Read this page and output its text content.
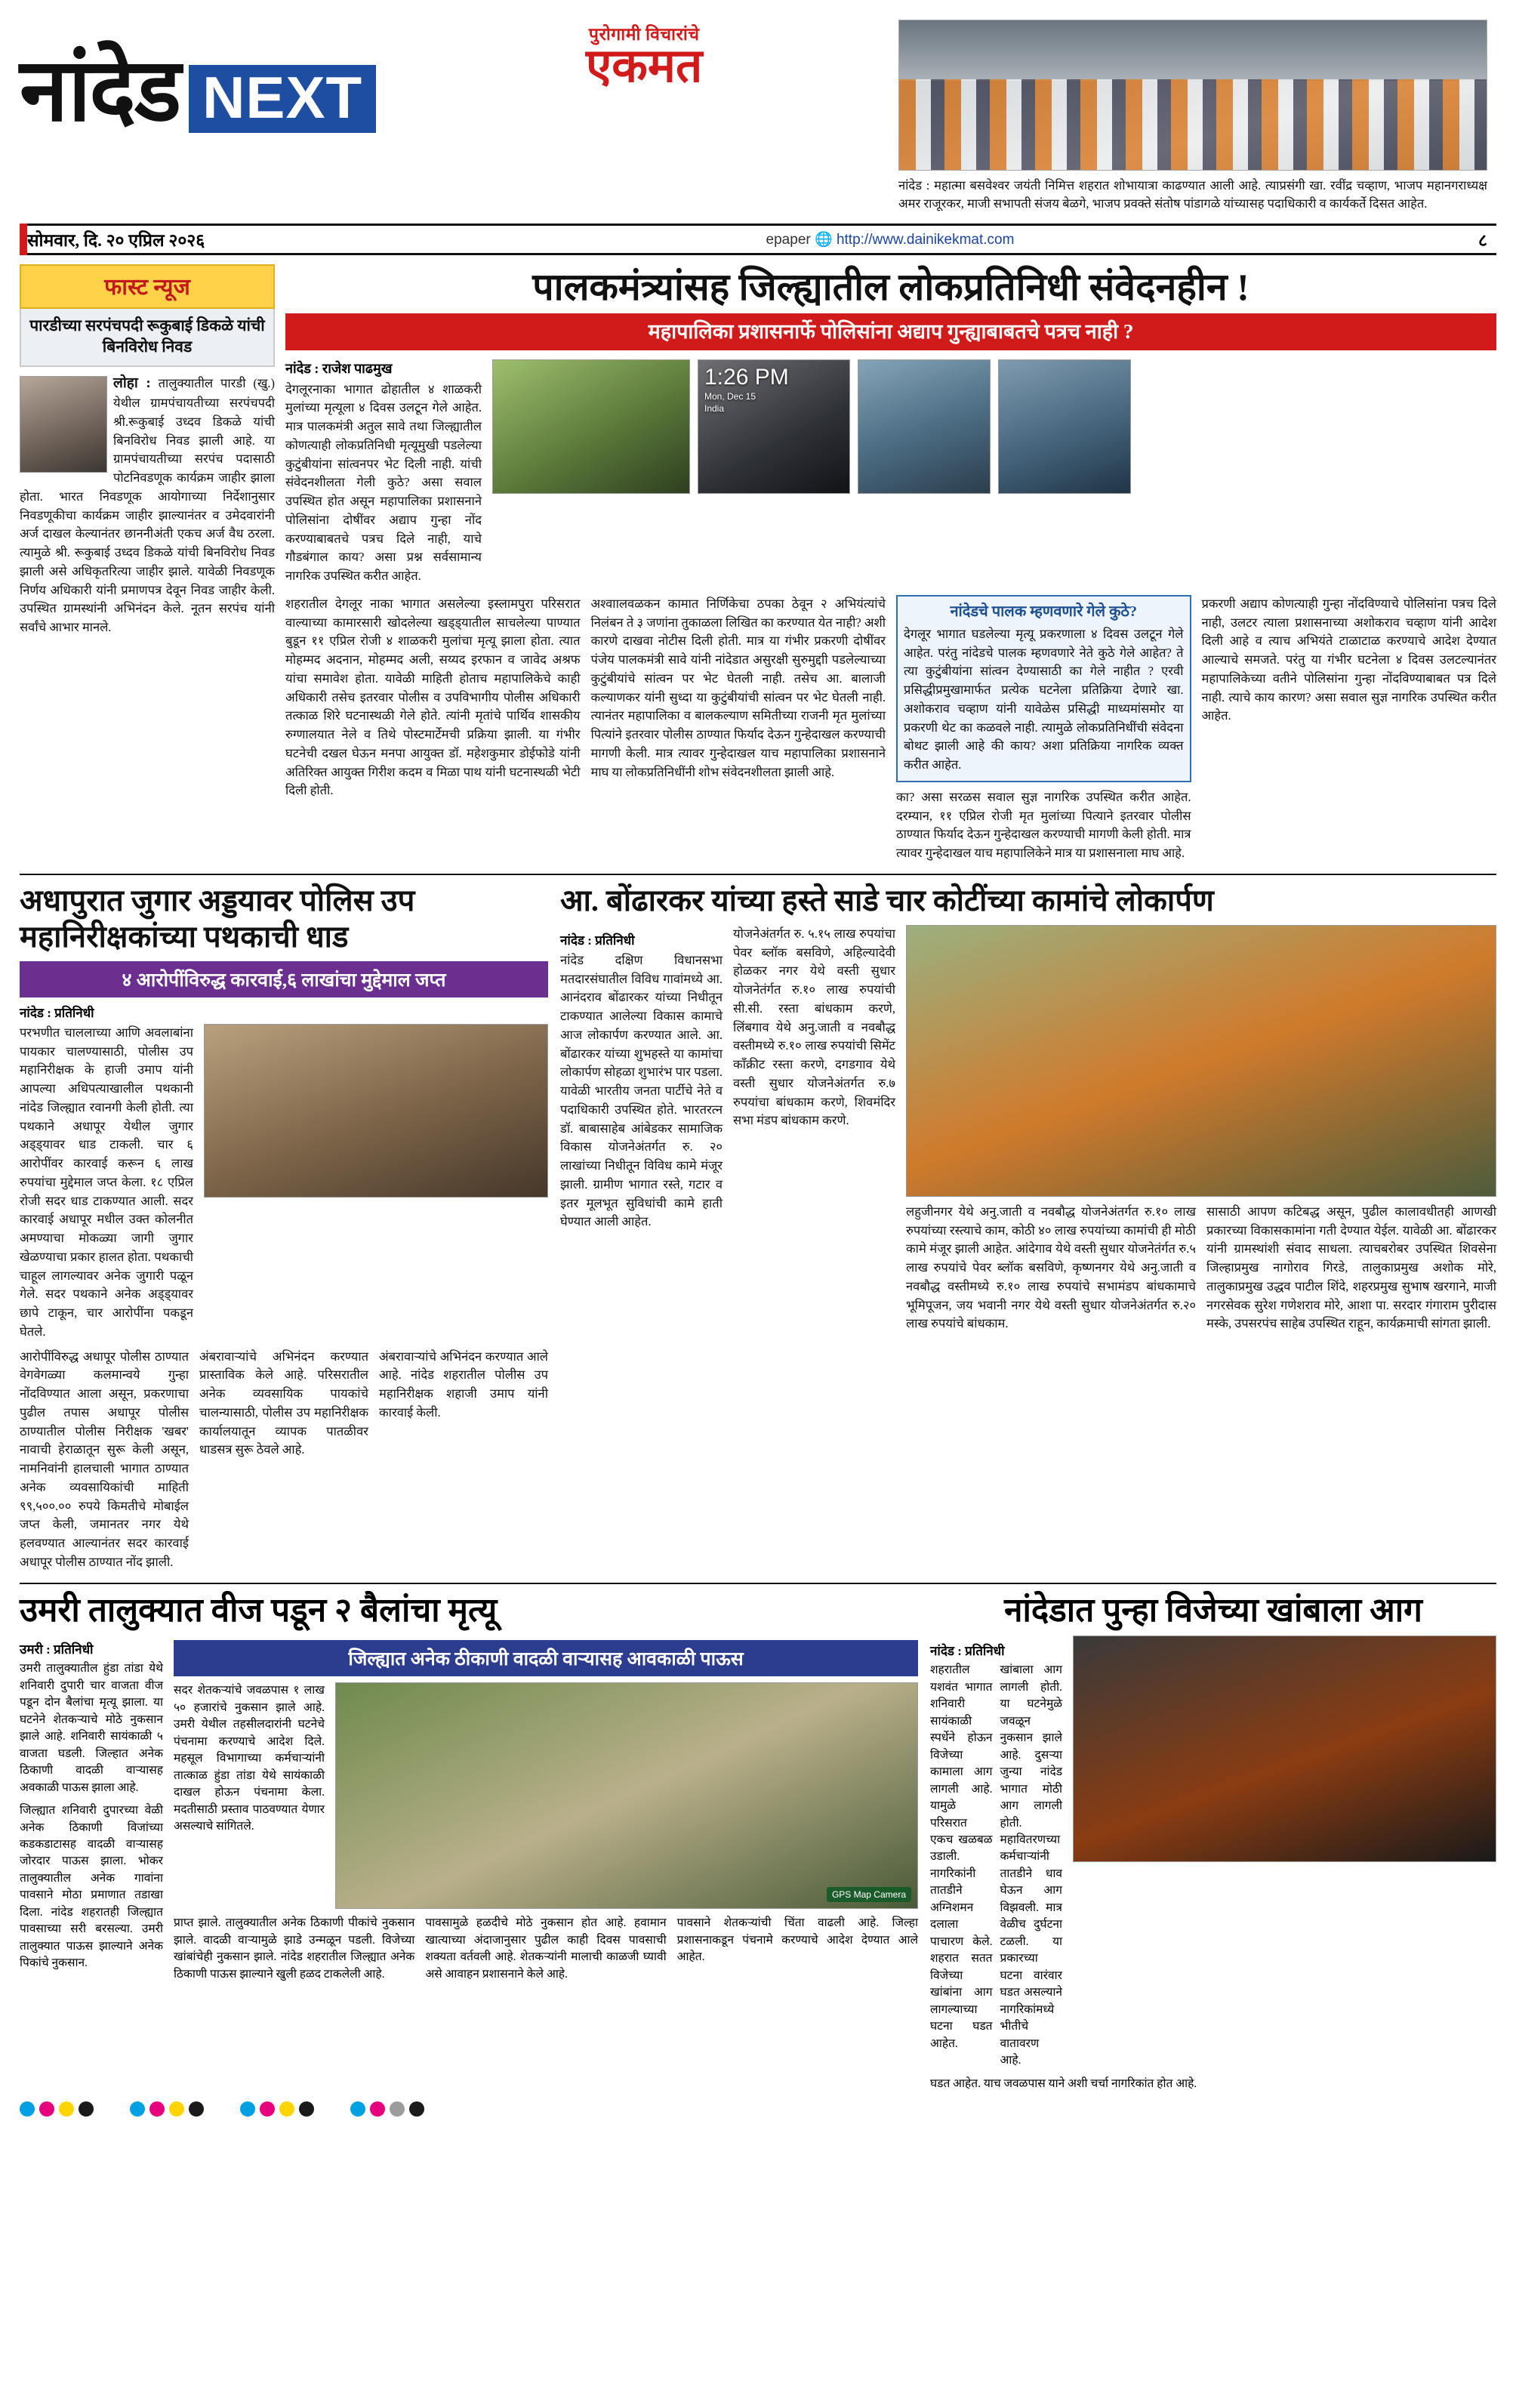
पुरोगामी विचारांचे
एकमत
नांदेड NEXT
नांदेड : महात्मा बसवेश्वर जयंती निमित्त शहरात शोभायात्रा काढण्यात आली आहे. त्याप्रसंगी खा. रवींद्र चव्हाण, भाजप महानगराध्यक्ष अमर राजूरकर, माजी सभापती संजय बेळगे, भाजप प्रवक्ते संतोष पांडागळे यांच्यासह पदाधिकारी व कार्यकर्ते दिसत आहेत.
सोमवार, दि. २० एप्रिल २०२६	epaper 🌐 http://www.dainikekmat.com	८
फास्ट न्यूज
पारडीच्या सरपंचपदी रूकुबाई डिकळे यांची बिनविरोध निवड
लोहा : तालुक्यातील पारडी (खु.) येथील ग्रामपंचायतीच्या सरपंचपदी श्री.रूकुबाई उध्दव डिकळे यांची बिनविरोध निवड झाली आहे. या ग्रामपंचायतीच्या सरपंच पदासाठी पोटनिवडणूक कार्यक्रम जाहीर झाला होता. भारत निवडणूक आयोगाच्या निर्देशानुसार निवडणूकीचा कार्यक्रम जाहीर झाल्यानंतर व उमेदवारांनी अर्ज दाखल केल्यानंतर छाननीअंती एकच अर्ज वैध ठरला. त्यामुळे श्री. रूकुबाई उध्दव डिकळे यांची बिनविरोध निवड झाली असे अधिकृतरित्या जाहीर झाले. यावेळी निवडणूक निर्णय अधिकारी यांनी प्रमाणपत्र देवून निवड जाहीर केली. उपस्थित ग्रामस्थांनी अभिनंदन केले. नूतन सरपंच यांनी सर्वांचे आभार मानले.
पालकमंत्र्यांसह जिल्ह्यातील लोकप्रतिनिधी संवेदनहीन !
महापालिका प्रशासनार्फे पोलिसांना अद्याप गुन्ह्याबाबतचे पत्रच नाही ?
नांदेड : राजेश पाढमुख
देगलूरनाका भागात ढोहातील ४ शाळकरी मुलांच्या मृत्यूला ४ दिवस उलटून गेले आहेत. मात्र पालकमंत्री अतुल सावे तथा जिल्ह्यातील कोणत्याही लोकप्रतिनिधी मृत्यूमुखी पडलेल्या कुटुंबीयांना सांत्वनपर भेट दिली नाही. यांची संवेदनशीलता गेली कुठे? असा सवाल उपस्थित होत असून महापालिका प्रशासनाने पोलिसांना दोषींवर अद्याप गुन्हा नोंद करण्याबाबतचे पत्रच दिले नाही, याचे गौडबंगाल काय? असा प्रश्न सर्वसामान्य नागरिक उपस्थित करीत आहेत.
1:26 PM
Mon, Dec 15
India
शहरातील देगलूर नाका भागात असलेल्या इस्लामपुरा परिसरात वाल्याच्या कामारसारी खोदलेल्या खड्ड्यातील साचलेल्या पाण्यात बुडून ११ एप्रिल रोजी ४ शाळकरी मुलांचा मृत्यू झाला होता. त्यात मोहम्मद अदनान, मोहम्मद अली, सय्यद इरफान व जावेद अश्रफ यांचा समावेश होता. यावेळी माहिती होताच महापालिकेचे काही अधिकारी तसेच इतरवार पोलीस व उपविभागीय पोलीस अधिकारी तत्काळ शिरे घटनास्थळी गेले होते. त्यांनी मृतांचे पार्थिव शासकीय रुग्णालयात नेले व तिथे पोस्टमार्टेमची प्रक्रिया झाली. या गंभीर घटनेची दखल घेऊन मनपा आयुक्त डॉ. महेशकुमार डोईफोडे यांनी अतिरिक्त आयुक्त गिरीश कदम व मिळा पाथ यांनी घटनास्थळी भेटी दिली होती.
अश्वाालवळकन कामात निर्णिकेचा ठपका ठेवून २ अभियंत्यांचे निलंबन ते ३ जणांना तुकाळला लिखित का करण्यात येत नाही? अशी कारणे दाखवा नोटीस दिली होती. मात्र या गंभीर प्रकरणी दोषींवर पंजेय पालकमंत्री सावे यांनी नांदेडात असुरक्षी सुरुमुद्दाी पडलेल्याच्या कुटुंबीयांचे सांत्वन पर भेट घेतली नाही. तसेच आ. बालाजी कल्याणकर यांनी सुध्दा या कुटुंबीयांची सांत्वन पर भेट घेतली नाही. त्यानंतर महापालिका व बालकल्याण समितीच्या राजनी मृत मुलांच्या पित्यांने इतरवार पोलीस ठाण्यात फिर्याद देऊन गुन्हेदाखल करण्याची मागणी केली. मात्र त्यावर गुन्हेदाखल याच महापालिका प्रशासनाने माघ या लोकप्रतिनिधींनी शोभ संवेदनशीलता झाली आहे.
नांदेडचे पालक म्हणवणारे गेले कुठे?
देगलूर भागात घडलेल्या मृत्यू प्रकरणाला ४ दिवस उलटून गेले आहेत. परंतु नांदेडचे पालक म्हणवणारे नेते कुठे गेले आहेत? ते त्या कुटुंबीयांना सांत्वन देण्यासाठी का गेले नाहीत ? एरवी प्रसिद्धीप्रमुखामार्फत प्रत्येक घटनेला प्रतिक्रिया देणारे खा. अशोकराव चव्हाण यांनी यावेळेस प्रसिद्धी माध्यमांसमोर या प्रकरणी थेट का कळवले नाही. त्यामुळे लोकप्रतिनिधींची संवेदना बोथट झाली आहे की काय? अशा प्रतिक्रिया नागरिक व्यक्त करीत आहेत.
का? असा सरळस सवाल सुज्ञ नागरिक उपस्थित करीत आहेत. दरम्यान, ११ एप्रिल रोजी मृत मुलांच्या पित्याने इतरवार पोलीस ठाण्यात फिर्याद देऊन गुन्हेदाखल करण्याची मागणी केली होती. मात्र त्यावर गुन्हेदाखल याच महापालिकेने मात्र या प्रशासनाला माघ आहे.
प्रकरणी अद्याप कोणत्याही गुन्हा नोंदविण्याचे पोलिसांना पत्रच दिले नाही, उलटर त्याला प्रशासनाच्या अशोकराव चव्हाण यांनी आदेश दिली आहे व त्याच अभियंते टाळाटाळ करण्याचे आदेश देण्यात आल्याचे समजते. परंतु या गंभीर घटनेला ४ दिवस उलटल्यानंतर महापालिकेच्या वतीने पोलिसांना गुन्हा नोंदविण्याबाबत पत्र दिले नाही. त्याचे काय कारण? असा सवाल सुज्ञ नागरिक उपस्थित करीत आहेत.
अधापुरात जुगार अड्डयावर पोलिस उप महानिरीक्षकांच्या पथकाची धाड
४ आरोपींविरुद्ध कारवाई,६ लाखांचा मुद्देमाल जप्त
नांदेड : प्रतिनिधी
परभणीत चाललाच्या आणि अवलाबांना पायकार चालण्यासाठी, पोलीस उप महानिरीक्षक के हाजी उमाप यांनी आपल्या अधिपत्याखालील पथकानी नांदेड जिल्ह्यात रवानगी केली होती. त्या पथकाने अधापूर येथील जुगार अड्ड्यावर धाड टाकली. चार ६ आरोपींवर कारवाई करून ६ लाख रुपयांचा मुद्देमाल जप्त केला. १८ एप्रिल रोजी सदर धाड टाकण्यात आली. सदर कारवाई अधापूर मधील उक्त कोलनीत अमण्याचा मोकळ्या जागी जुगार खेळण्याचा प्रकार हालत होता. पथकाची चाहूल लागल्यावर अनेक जुगारी पळून गेले. सदर पथकाने अनेक अड्ड्यावर छापे टाकून, चार आरोपींना पकडून घेतले.
आरोपींविरुद्ध अधापूर पोलीस ठाण्यात वेगवेगळ्या कलमान्वये गुन्हा नोंदविण्यात आला असून, प्रकरणाचा पुढील तपास अधापूर पोलीस ठाण्यातील पोलीस निरीक्षक 'खबर' नावाची हेराळातून सुरू केली असून, नामनिवांनी हालचाली भागात ठाण्यात अनेक व्यवसायिकांची माहिती ९९,५००.०० रुपये किमतीचे मोबाईल जप्त केली, जमानतर नगर येथे हलवण्यात आल्यानंतर सदर कारवाई अधापूर पोलीस ठाण्यात नोंद झाली.
अंबरावाऱ्यांचे अभिनंदन करण्यात प्रास्ताविक केले आहे. परिसरातील अनेक व्यवसायिक पायकांचे चालन्यासाठी, पोलीस उप महानिरीक्षक कार्यालयातून व्यापक पातळीवर धाडसत्र सुरू ठेवले आहे.
अंबरावाऱ्यांचे अभिनंदन करण्यात आले आहे. नांदेड शहरातील पोलीस उप महानिरीक्षक शहाजी उमाप यांनी कारवाई केली.
आ. बोंढारकर यांच्या हस्ते साडे चार कोटींच्या कामांचे लोकार्पण
नांदेड : प्रतिनिधी
नांदेड दक्षिण विधानसभा मतदारसंघातील विविध गावांमध्ये आ. आनंदराव बोंढारकर यांच्या निधीतून टाकण्यात आलेल्या विकास कामाचे आज लोकार्पण करण्यात आले. आ. बोंढारकर यांच्या शुभहस्ते या कामांचा लोकार्पण सोहळा शुभारंभ पार पडला. यावेळी भारतीय जनता पार्टीचे नेते व पदाधिकारी उपस्थित होते. भारतरत्न डॉ. बाबासाहेब आंबेडकर सामाजिक विकास योजनेअंतर्गत रु. २० लाखांच्या निधीतून विविध कामे मंजूर झाली. ग्रामीण भागात रस्ते, गटार व इतर मूलभूत सुविधांची कामे हाती घेण्यात आली आहेत.
योजनेअंतर्गत रु. ५.१५ लाख रुपयांचा पेवर ब्लॉक बसविणे, अहिल्यादेवी होळकर नगर येथे वस्ती सुधार योजनेतंर्गत रु.१० लाख रुपयांची सी.सी. रस्ता बांधकाम करणे, लिंबगाव येथे अनु.जाती व नवबौद्ध वस्तीमध्ये रु.१० लाख रुपयांची सिमेंट काँक्रीट रस्ता करणे, दगडगाव येथे वस्ती सुधार योजनेअंतर्गत रु.७ रुपयांचा बांधकाम करणे, शिवमंदिर सभा मंडप बांधकाम करणे.
लहुजीनगर येथे अनु.जाती व नवबौद्ध योजनेअंतर्गत रु.१० लाख रुपयांच्या रस्त्याचे काम, कोठी ४० लाख रुपयांच्या कामांची ही मोठी कामे मंजूर झाली आहेत. आंदेगाव येथे वस्ती सुधार योजनेतंर्गत रु.५ लाख रुपयांचे पेवर ब्लॉक बसविणे, कृष्णनगर येथे अनु.जाती व नवबौद्ध वस्तीमध्ये रु.१० लाख रुपयांचे सभामंडप बांधकामाचे भूमिपूजन, जय भवानी नगर येथे वस्ती सुधार योजनेअंतर्गत रु.२० लाख रुपयांचे बांधकाम.
सासाठी आपण कटिबद्ध असून, पुढील कालावधीतही आणखी प्रकारच्या विकासकामांना गती देण्यात येईल. यावेळी आ. बोंढारकर यांनी ग्रामस्थांशी संवाद साधला. त्याचबरोबर उपस्थित शिवसेना जिल्हाप्रमुख नागोराव गिरडे, तालुकाप्रमुख अशोक मोरे, तालुकाप्रमुख उद्धव पाटील शिंदे, शहरप्रमुख सुभाष खरगाने, माजी नगरसेवक सुरेश गणेशराव मोरे, आशा पा. सरदार गंगाराम पुरीदास मस्के, उपसरपंच साहेब उपस्थित राहून, कार्यक्रमाची सांगता झाली.
उमरी तालुक्यात वीज पडून २ बैलांचा मृत्यू
उमरी : प्रतिनिधी
उमरी तालुक्यातील हुंडा तांडा येथे शनिवारी दुपारी चार वाजता वीज पडून दोन बैलांचा मृत्यू झाला. या घटनेने शेतकऱ्याचे मोठे नुकसान झाले आहे. शनिवारी सायंकाळी ५ वाजता घडली. जिल्हात अनेक ठिकाणी वादळी वाऱ्यासह अवकाळी पाऊस झाला आहे.
जिल्ह्यात शनिवारी दुपारच्या वेळी अनेक ठिकाणी विजांच्या कडकडाटासह वादळी वाऱ्यासह जोरदार पाऊस झाला. भोकर तालुक्यातील अनेक गावांना पावसाने मोठा प्रमाणात तडाखा दिला. नांदेड शहरातही जिल्ह्यात पावसाच्या सरी बरसल्या. उमरी तालुक्यात पाऊस झाल्याने अनेक पिकांचे नुकसान.
जिल्ह्यात अनेक ठीकाणी वादळी वाऱ्यासह आवकाळी पाऊस
सदर शेतकऱ्यांचे जवळपास १ लाख ५० हजारांचे नुकसान झाले आहे. उमरी येथील तहसीलदारांनी घटनेचे पंचनामा करण्याचे आदेश दिले. महसूल विभागाच्या कर्मचाऱ्यांनी तात्काळ हुंडा तांडा येथे सायंकाळी दाखल होऊन पंचनामा केला. मदतीसाठी प्रस्ताव पाठवण्यात येणार असल्याचे सांगितले.
GPS Map Camera
प्राप्त झाले. तालुक्यातील अनेक ठिकाणी पीकांचे नुकसान झाले. वादळी वाऱ्यामुळे झाडे उन्मळून पडली. विजेच्या खांबांचेही नुकसान झाले. नांदेड शहरातील जिल्ह्यात अनेक ठिकाणी पाऊस झाल्याने खुली हळद टाकलेली आहे.
पावसामुळे हळदीचे मोठे नुकसान होत आहे. हवामान खात्याच्या अंदाजानुसार पुढील काही दिवस पावसाची शक्यता वर्तवली आहे. शेतकऱ्यांनी मालाची काळजी घ्यावी असे आवाहन प्रशासनाने केले आहे.
पावसाने शेतकऱ्यांची चिंता वाढली आहे. जिल्हा प्रशासनाकडून पंचनामे करण्याचे आदेश देण्यात आले आहेत.
नांदेडात पुन्हा विजेच्या खांबाला आग
नांदेड : प्रतिनिधी
शहरातील यशवंत भागात शनिवारी सायंकाळी स्पर्धेने होऊन विजेच्या कामाला आग लागली आहे. यामुळे परिसरात एकच खळबळ उडाली. नागरिकांनी तातडीने अग्निशमन दलाला पाचारण केले. शहरात सतत विजेच्या खांबांना आग लागल्याच्या घटना घडत आहेत.
खांबाला आग लागली होती. या घटनेमुळे जवळून नुकसान झाले आहे. दुसऱ्या जुन्या नांदेड भागात मोठी आग लागली होती. महावितरणच्या कर्मचाऱ्यांनी तातडीने धाव घेऊन आग विझवली. मात्र वेळीच दुर्घटना टळली. या प्रकारच्या घटना वारंवार घडत असल्याने नागरिकांमध्ये भीतीचे वातावरण आहे.
घडत आहेत. याच जवळपास याने अशी चर्चा नागरिकांत होत आहे.
